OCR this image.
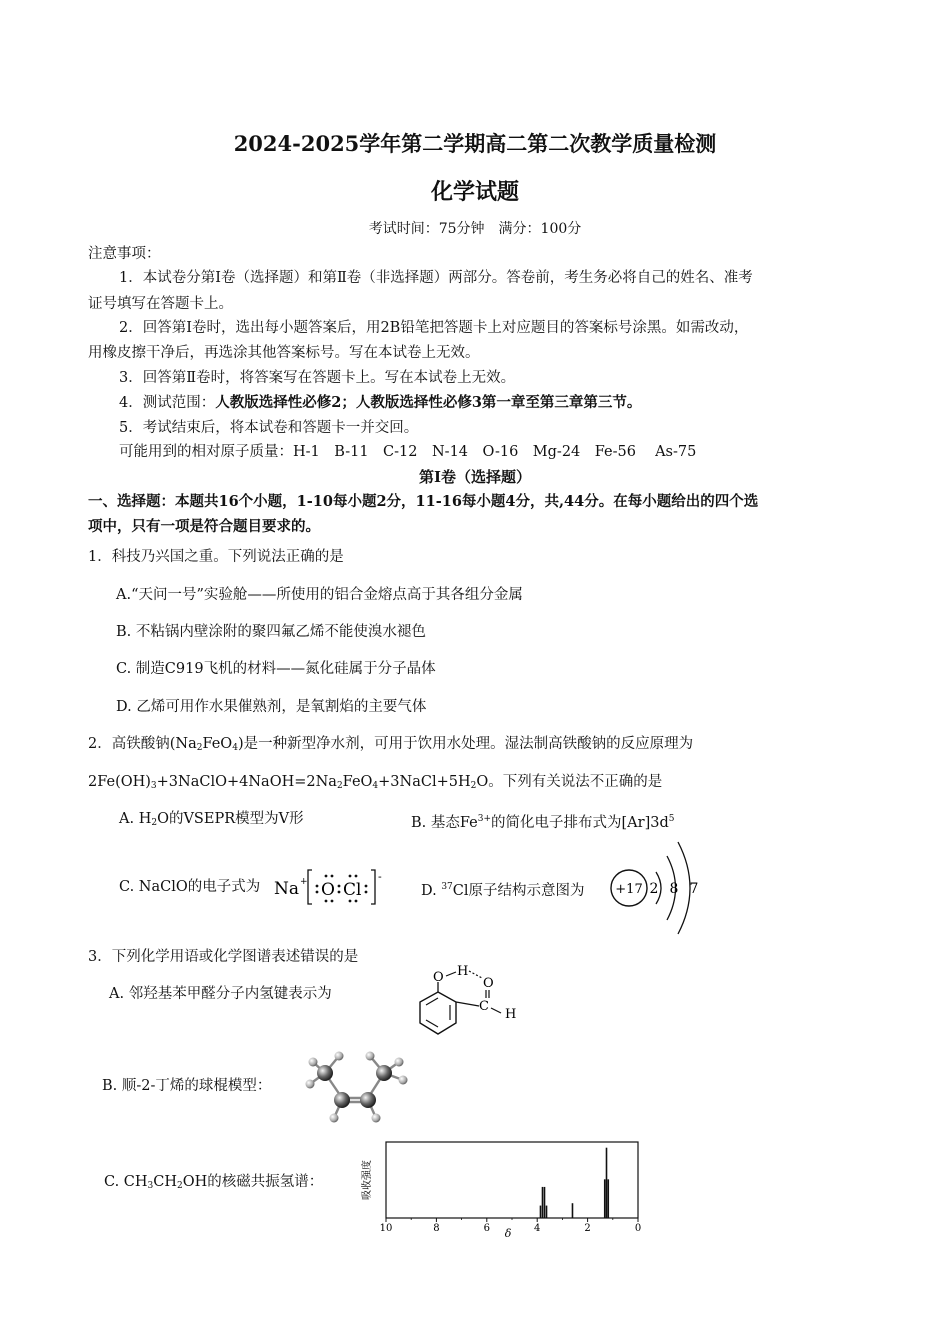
2024-2025学年第二学期高二第二次教学质量检测
化学试题
考试时间：75分钟　满分：100分
注意事项：
1．本试卷分第Ⅰ卷（选择题）和第Ⅱ卷（非选择题）两部分。答卷前，考生务必将自己的姓名、准考
证号填写在答题卡上。
2．回答第Ⅰ卷时，选出每小题答案后，用2B铅笔把答题卡上对应题目的答案标号涂黑。如需改动，
用橡皮擦干净后，再选涂其他答案标号。写在本试卷上无效。
3．回答第Ⅱ卷时，将答案写在答题卡上。写在本试卷上无效。
4．测试范围：人教版选择性必修2；人教版选择性必修3第一章至第三章第三节。
5．考试结束后，将本试卷和答题卡一并交回。
可能用到的相对原子质量：H-1　B-11　C-12　N-14　O-16　Mg-24　Fe-56　 As-75
第Ⅰ卷（选择题）
一、选择题：本题共16个小题，1-10每小题2分，11-16每小题4分，共,44分。在每小题给出的四个选
项中，只有一项是符合题目要求的。
1．科技乃兴国之重。下列说法正确的是
A.“天问一号”实验舱——所使用的铝合金熔点高于其各组分金属
B. 不粘锅内壁涂附的聚四氟乙烯不能使溴水褪色
C. 制造C919飞机的材料——氮化硅属于分子晶体
D. 乙烯可用作水果催熟剂，是氧割焰的主要气体
2．高铁酸钠$(Na_2FeO_4)$是一种新型净水剂，可用于饮用水处理。湿法制高铁酸钠的反应原理为
$2Fe(OH)_3+3NaClO+4NaOH=2Na_2FeO_4+3NaCl+5H_2O$。下列有关说法不正确的是
A. $H_2O$的VSEPR模型为V形	B. 基态$Fe^{3+}$的简化电子排布式为$[Ar]3d^5$
C. NaClO的电子式为 Na + O Cl
-
D. $^{37}$Cl原子结构示意图为 +17 2 8 7
3．下列化学用语或化学图谱表述错误的是
A. 邻羟基苯甲醛分子内氢键表示为
O H
O
C
H
B. 顺-2-丁烯的球棍模型：
C. $CH_3CH_2OH$的核磁共振氢谱：	吸收强度
10	8	6	4	2	0
δ
